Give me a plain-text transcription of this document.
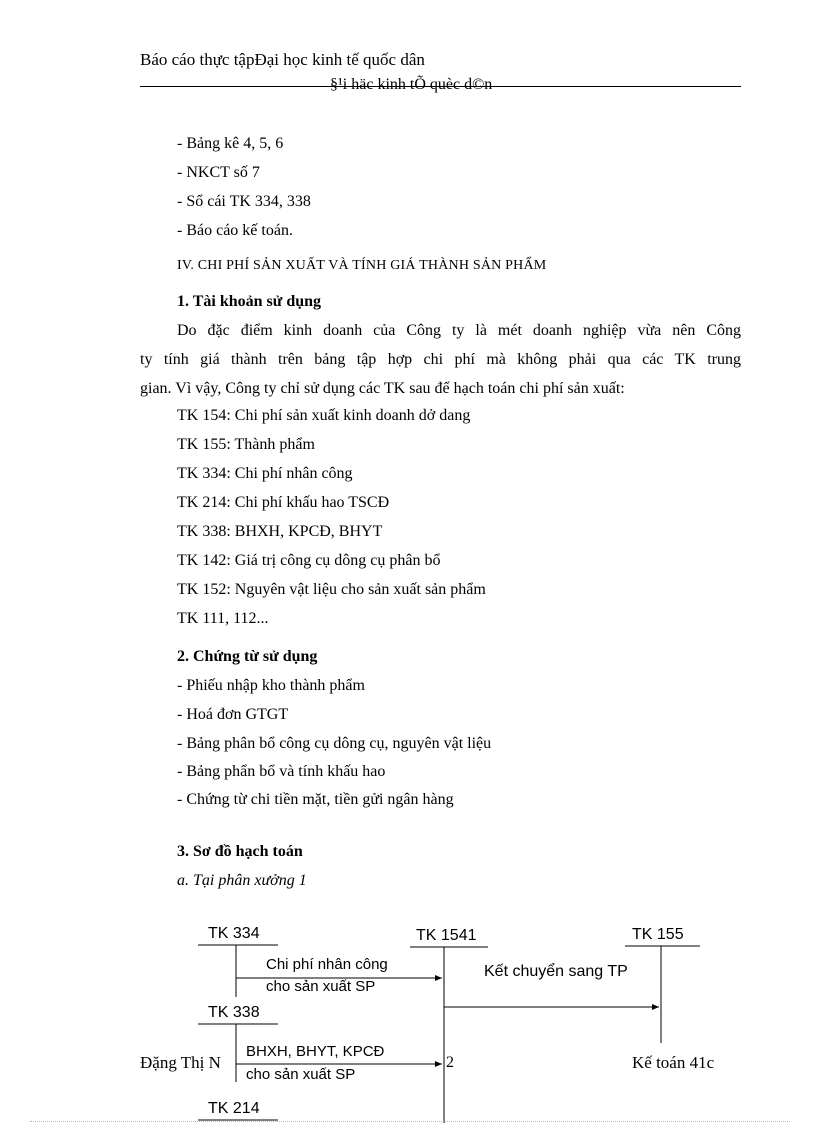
Báo cáo thực tậpĐại học kinh tế quốc dân
§¹i häc kinh tÕ quèc d©n
- Bảng kê 4, 5, 6
- NKCT số 7
- Sổ cái TK 334, 338
- Báo cáo kế toán.
IV. CHI PHÍ SẢN XUẤT VÀ TÍNH GIÁ THÀNH SẢN PHẨM
1. Tài khoản sử dụng
Do đặc điểm kinh doanh của Công ty là mét doanh nghiệp vừa nên Công
ty tính giá thành trên bảng tập hợp chi phí mà không phải qua các TK trung
gian. Vì vậy, Công ty chỉ sử dụng các TK sau để hạch toán chi phí sản xuất:
TK 154: Chi phí sản xuất kinh doanh dở dang
TK 155: Thành phẩm
TK 334: Chi phí nhân công
TK 214: Chi phí khấu hao TSCĐ
TK 338: BHXH, KPCĐ, BHYT
TK 142: Giá trị công cụ dông cụ phân bổ
TK 152: Nguyên vật liệu cho sản xuất sản phẩm
TK 111, 112...
2. Chứng từ sử dụng
- Phiếu nhập kho thành phẩm
- Hoá đơn GTGT
- Bảng phân bổ công cụ dông cụ, nguyên vật liệu
- Bảng phẩn bổ và tính khấu hao
- Chứng từ chi tiền mặt, tiền gửi ngân hàng
3. Sơ đồ hạch toán
a. Tại phân xưởng 1
TK 334	TK 1541	TK 155
Chi phí nhân công
cho sản xuất SP
Kết chuyển sang TP
TK 338
BHXH, BHYT, KPCĐ
cho sản xuất SP
TK 214
Đặng Thị N	2	Kế toán 41c
